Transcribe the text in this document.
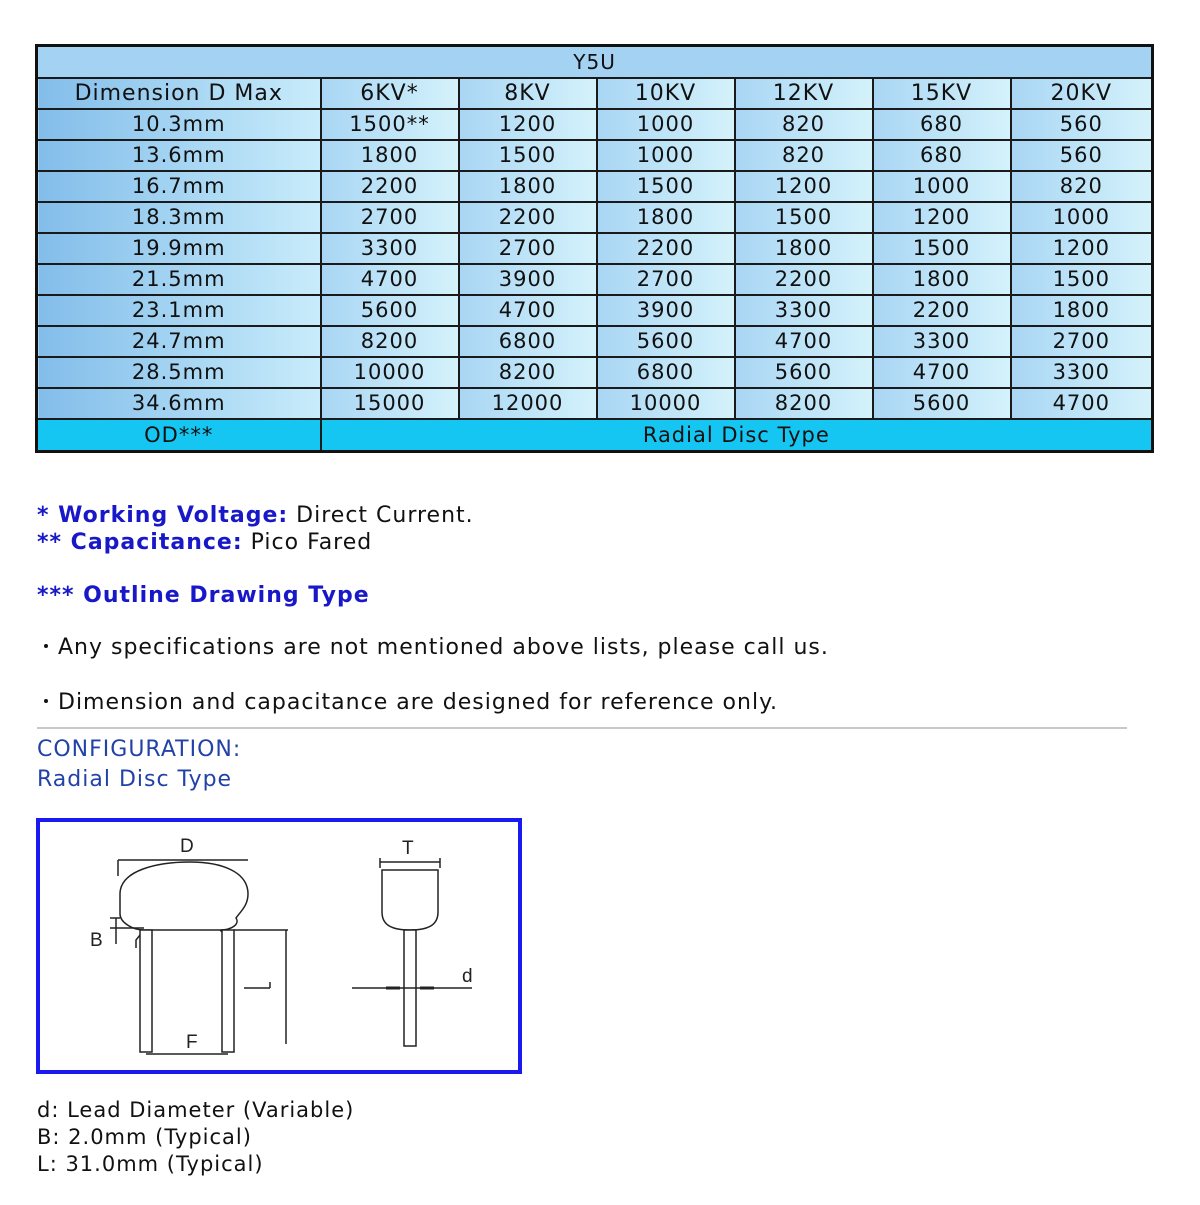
Y5U						
Dimension D Max	6KV*	8KV	10KV	12KV	15KV	20KV
10.3mm	1500**	1200	1000	820	680	560
13.6mm	1800	1500	1000	820	680	560
16.7mm	2200	1800	1500	1200	1000	820
18.3mm	2700	2200	1800	1500	1200	1000
19.9mm	3300	2700	2200	1800	1500	1200
21.5mm	4700	3900	2700	2200	1800	1500
23.1mm	5600	4700	3900	3300	2200	1800
24.7mm	8200	6800	5600	4700	3300	2700
28.5mm	10000	8200	6800	5600	4700	3300
34.6mm	15000	12000	10000	8200	5600	4700
OD***	Radial Disc Type					
* Working Voltage: Direct Current.
** Capacitance: Pico Fared
*** Outline Drawing Type
Any specifications are not mentioned above lists, please call us.
Dimension and capacitance are designed for reference only.
CONFIGURATION:
Radial Disc Type
D	T
B
F
d
d: Lead Diameter (Variable)
B: 2.0mm (Typical)
L: 31.0mm (Typical)
